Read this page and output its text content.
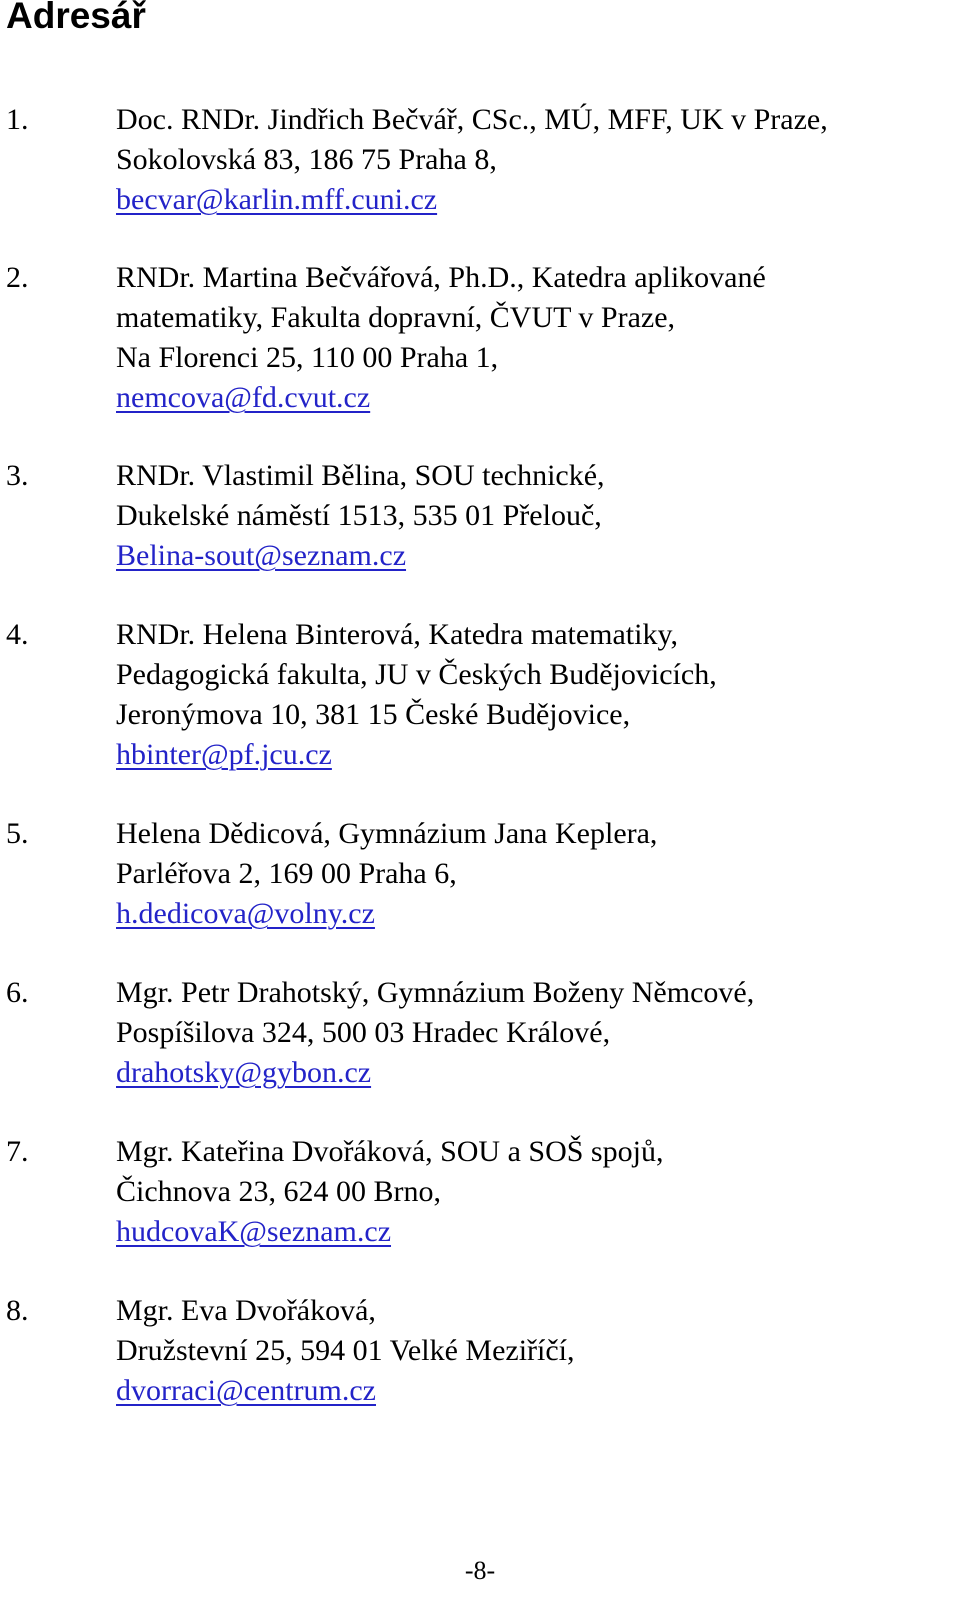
Adresář
1.	Doc. RNDr. Jindřich Bečvář, CSc., MÚ, MFF, UK v Praze,
Sokolovská 83, 186 75 Praha 8,
becvar@karlin.mff.cuni.cz
2.	RNDr. Martina Bečvářová, Ph.D., Katedra aplikované
matematiky, Fakulta dopravní, ČVUT v Praze,
Na Florenci 25, 110 00 Praha 1,
nemcova@fd.cvut.cz
3.	RNDr. Vlastimil Bělina, SOU technické,
Dukelské náměstí 1513, 535 01 Přelouč,
Belina-sout@seznam.cz
4.	RNDr. Helena Binterová, Katedra matematiky,
Pedagogická fakulta, JU v Českých Budějovicích,
Jeronýmova 10, 381 15 České Budějovice,
hbinter@pf.jcu.cz
5.	Helena Dědicová, Gymnázium Jana Keplera,
Parléřova 2, 169 00 Praha 6,
h.dedicova@volny.cz
6.	Mgr. Petr Drahotský, Gymnázium Boženy Němcové,
Pospíšilova 324, 500 03 Hradec Králové,
drahotsky@gybon.cz
7.	Mgr. Kateřina Dvořáková, SOU a SOŠ spojů,
Čichnova 23, 624 00 Brno,
hudcovaK@seznam.cz
8.	Mgr. Eva Dvořáková,
Družstevní 25, 594 01 Velké Meziříčí,
dvorraci@centrum.cz
-8-
